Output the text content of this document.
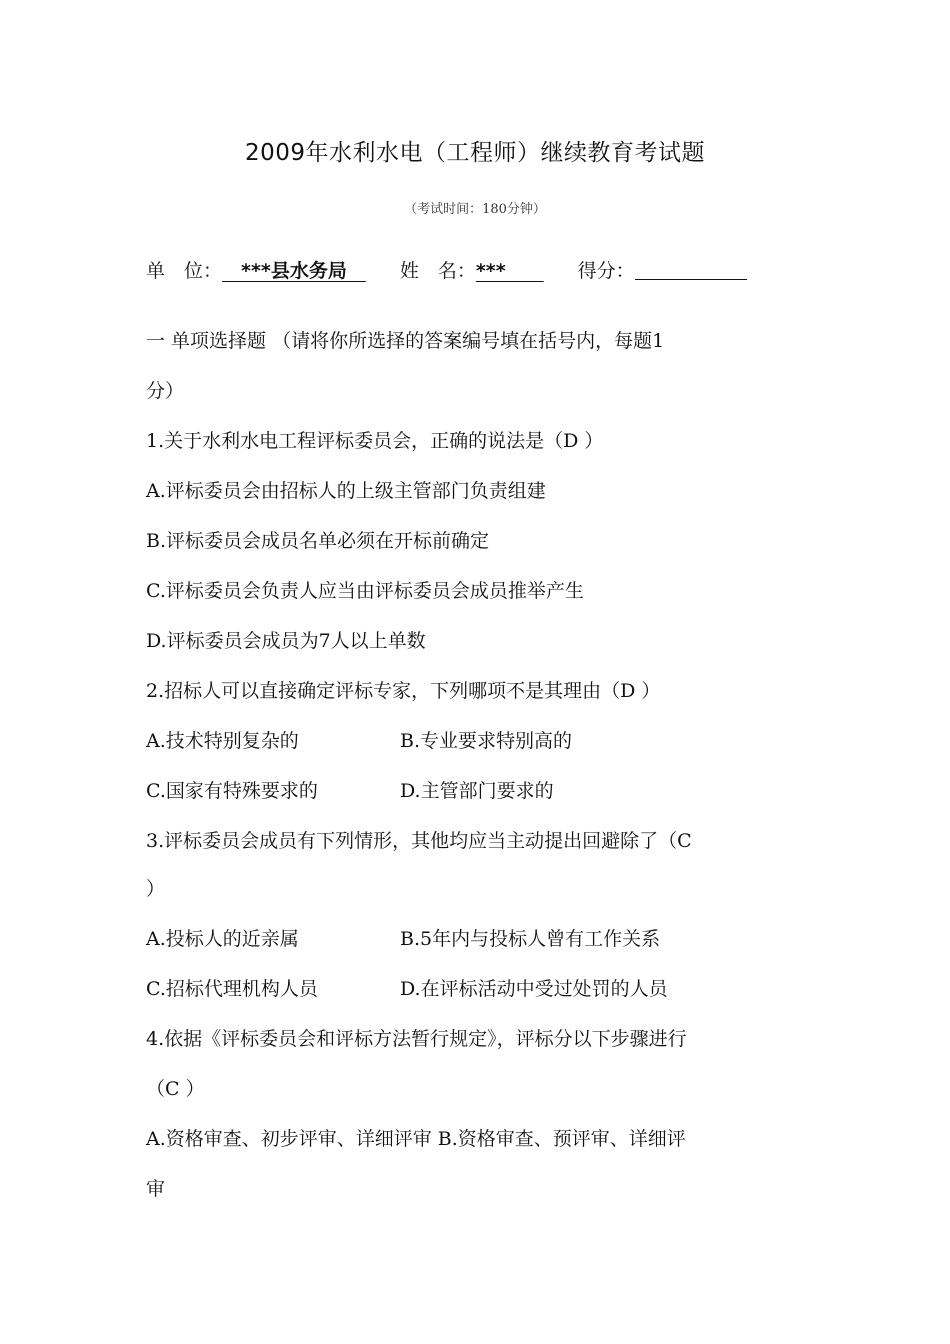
2009年水利水电（工程师）继续教育考试题
（考试时间：180分钟）
单　位：　***县水务局　姓　名：***　　得分：
一 单项选择题 （请将你所选择的答案编号填在括号内，每题1
分）
1.关于水利水电工程评标委员会，正确的说法是（D ）
A.评标委员会由招标人的上级主管部门负责组建
B.评标委员会成员名单必须在开标前确定
C.评标委员会负责人应当由评标委员会成员推举产生
D.评标委员会成员为7人以上单数
2.招标人可以直接确定评标专家，下列哪项不是其理由（D ）
A.技术特别复杂的	B.专业要求特别高的
C.国家有特殊要求的	D.主管部门要求的
3.评标委员会成员有下列情形，其他均应当主动提出回避除了（C
）
A.投标人的近亲属	B.5年内与投标人曾有工作关系
C.招标代理机构人员	D.在评标活动中受过处罚的人员
4.依据《评标委员会和评标方法暂行规定》，评标分以下步骤进行
（C ）
A.资格审查、初步评审、详细评审 B.资格审查、预评审、详细评
审
